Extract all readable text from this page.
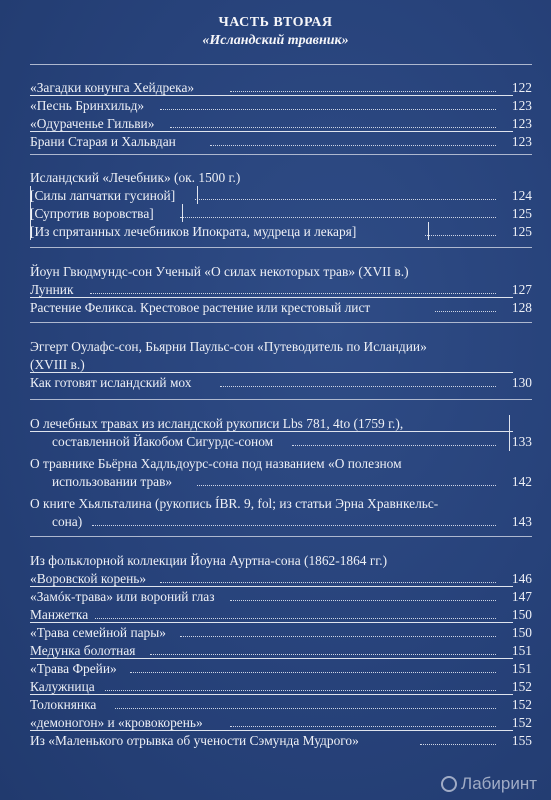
ЧАСТЬ ВТОРАЯ
«Исландский травник»
«Загадки конунга Хейдрека»	122
«Песнь Бринхильд»	123
«Одураченье Гильви»	123
Брани Старая и Хальвдан	123
Исландский «Лечебник» (ок. 1500 г.)
[Силы лапчатки гусиной]	124
[Супротив воровства]	125
[Из спрятанных лечебников Ипократа, мудреца и лекаря]	125
Йоун Гвюдмундс-сон Ученый «О силах некоторых трав» (XVII в.)
Лунник	127
Растение Феликса. Крестовое растение или крестовый лист	128
Эггерт Оулафс-сон, Бьярни Паульс-сон «Путеводитель по Исландии»
(XVIII в.)
Как готовят исландский мох	130
О лечебных травах из исландской рукописи Lbs 781, 4to (1759 г.),
составленной Йакобом Сигурдс-соном	133
О травнике Бьёрна Хадльдоурс-сона под названием «О полезном
использовании трав»	142
О книге Хьяльталина (рукопись ÍBR. 9, fol; из статьи Эрна Хравнкельс-
сона)	143
Из фольклорной коллекции Йоуна Ауртна-сона (1862-1864 гг.)
«Воровской корень»	146
«Замóк-трава» или вороний глаз	147
Манжетка	150
«Трава семейной пары»	150
Медунка болотная	151
«Трава Фрейи»	151
Калужница	152
Толокнянка	152
«демоногон» и «кровокорень»	152
Из «Маленького отрывка об учености Сэмунда Мудрого»	155
Лабиринт
